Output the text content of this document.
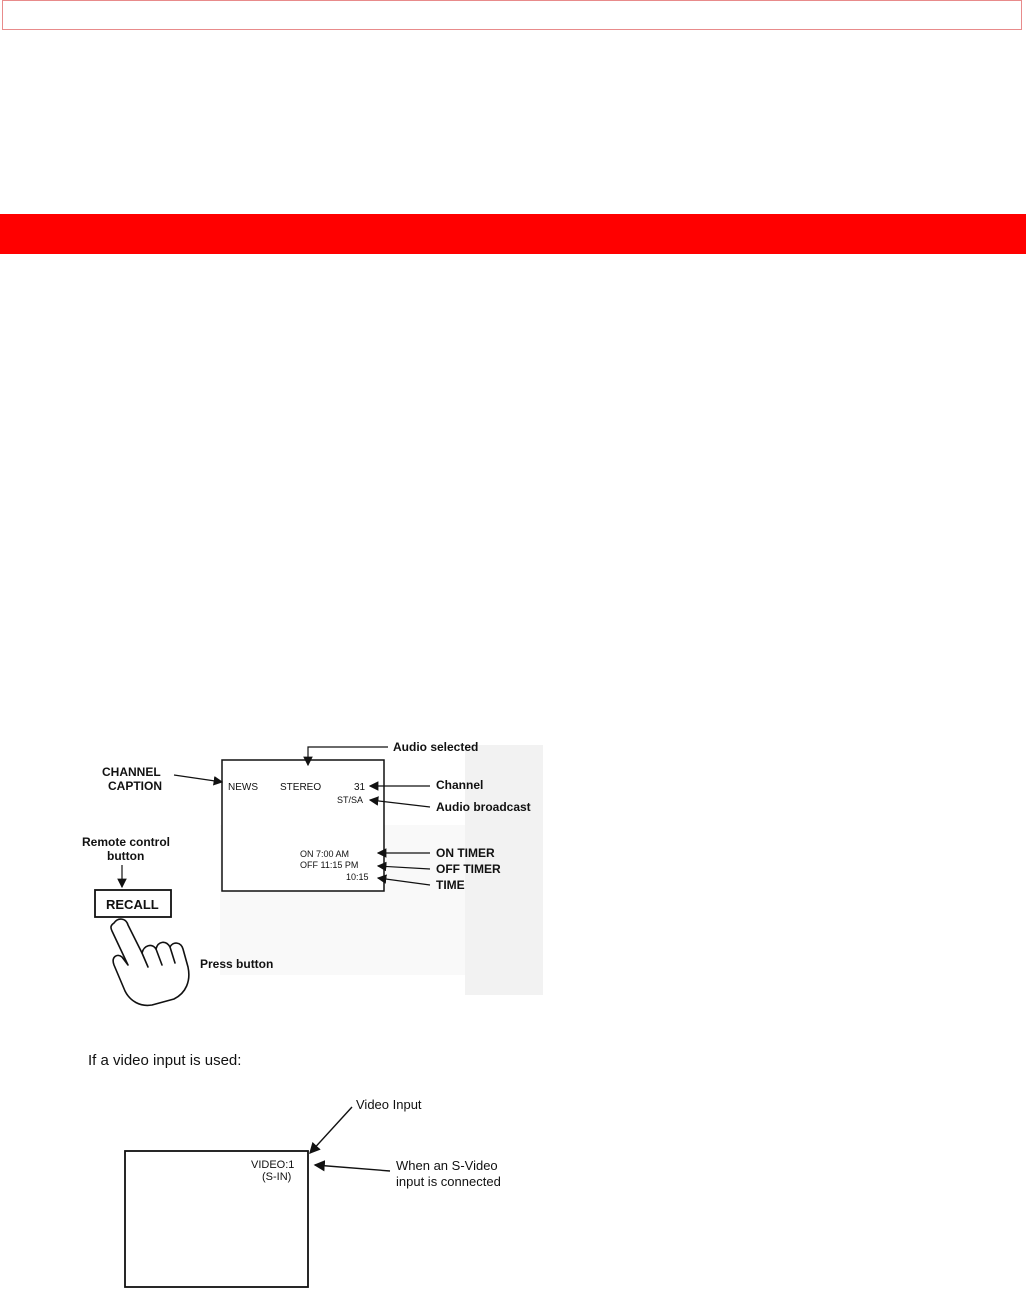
NEWS STEREO	31
ST/SA
ON 7:00 AM
OFF 11:15 PM
10:15
Audio selected
CHANNEL
CAPTION	Channel
Audio broadcast
ON TIMER
OFF TIMER
TIME
Remote control
button
RECALL
Press button

If a video input is used:

VIDEO:1
(S-IN)
Video Input
When an S-Video
input is connected
